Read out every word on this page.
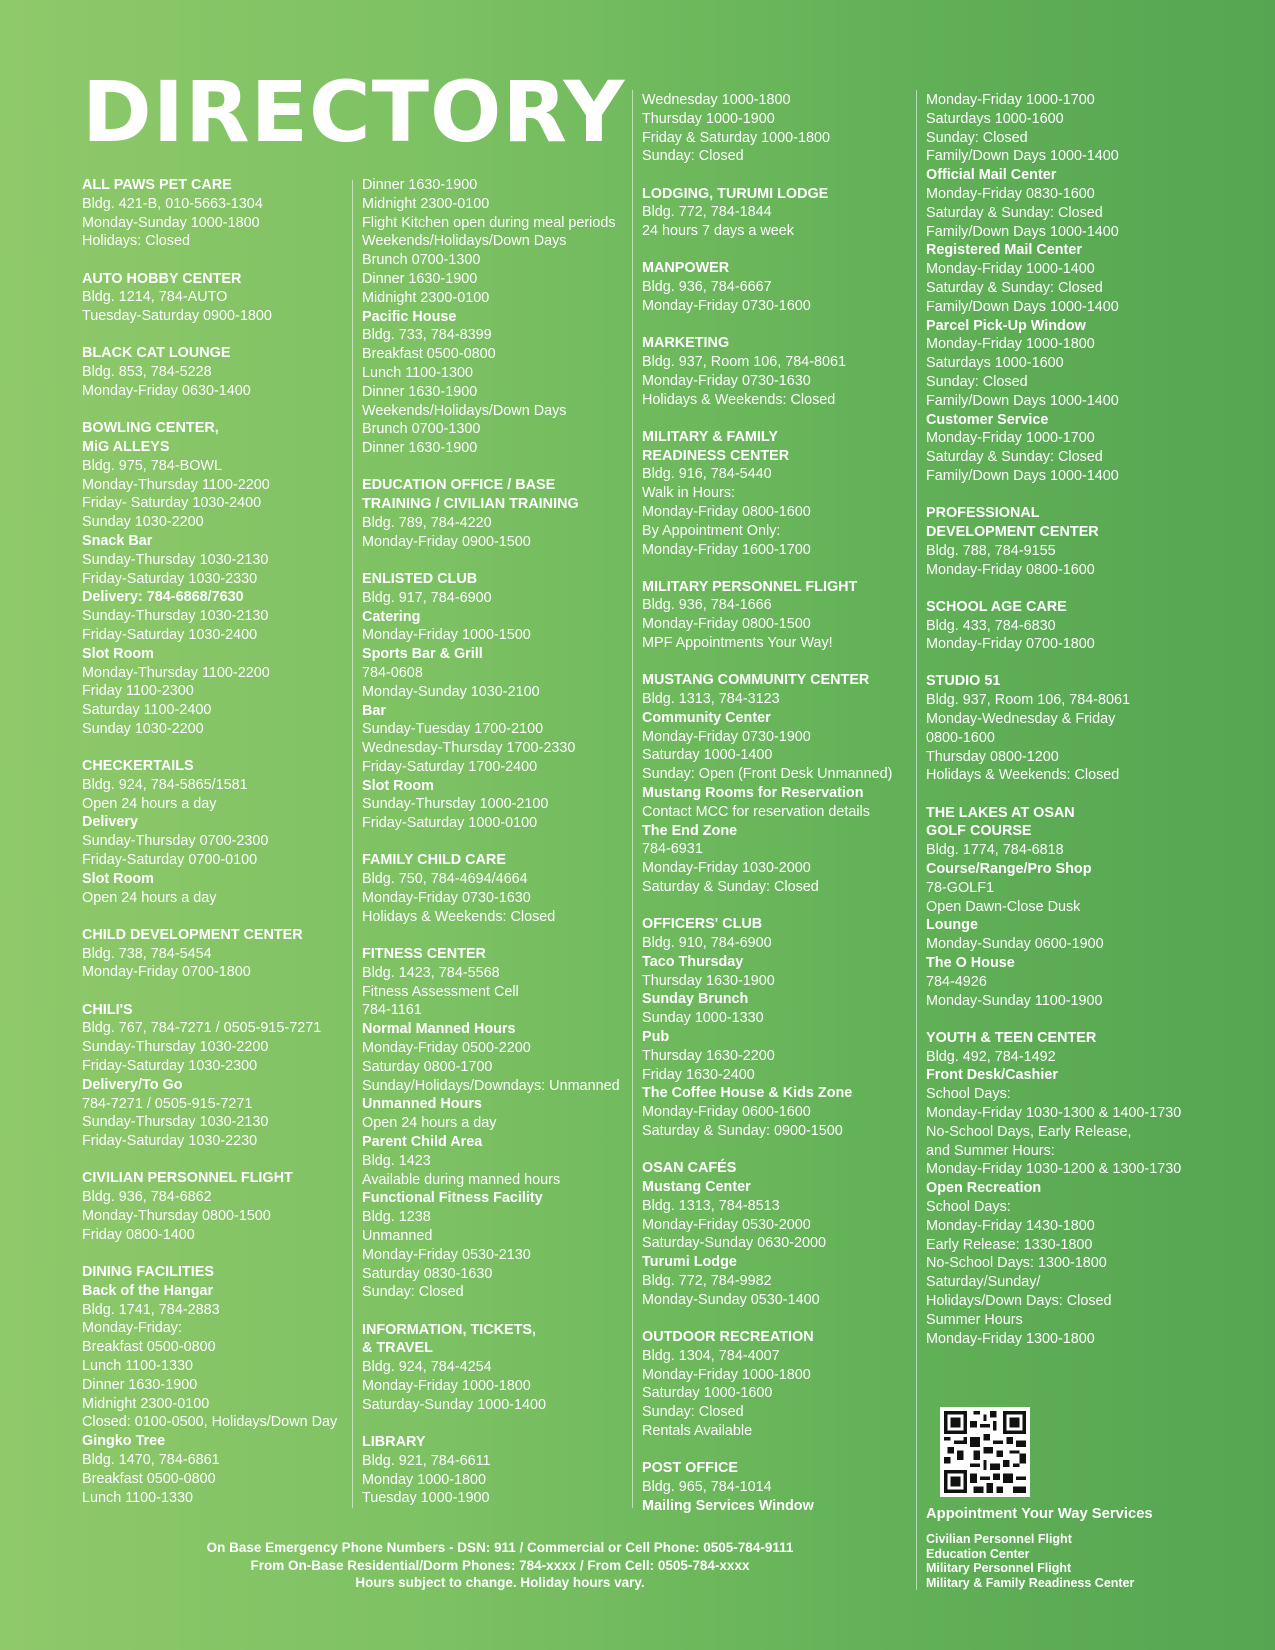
DIRECTORY
ALL PAWS PET CARE
Bldg. 421-B, 010-5663-1304
Monday-Sunday 1000-1800
Holidays: Closed
AUTO HOBBY CENTER
Bldg. 1214, 784-AUTO
Tuesday-Saturday 0900-1800
BLACK CAT LOUNGE
Bldg. 853, 784-5228
Monday-Friday 0630-1400
BOWLING CENTER,
MiG ALLEYS
Bldg. 975, 784-BOWL
Monday-Thursday 1100-2200
Friday- Saturday 1030-2400
Sunday 1030-2200
Snack Bar
Sunday-Thursday 1030-2130
Friday-Saturday 1030-2330
Delivery: 784-6868/7630
Sunday-Thursday 1030-2130
Friday-Saturday 1030-2400
Slot Room
Monday-Thursday 1100-2200
Friday 1100-2300
Saturday 1100-2400
Sunday 1030-2200
CHECKERTAILS
Bldg. 924, 784-5865/1581
Open 24 hours a day
Delivery
Sunday-Thursday 0700-2300
Friday-Saturday 0700-0100
Slot Room
Open 24 hours a day
CHILD DEVELOPMENT CENTER
Bldg. 738, 784-5454
Monday-Friday 0700-1800
CHILI'S
Bldg. 767, 784-7271 / 0505-915-7271
Sunday-Thursday 1030-2200
Friday-Saturday 1030-2300
Delivery/To Go
784-7271 / 0505-915-7271
Sunday-Thursday 1030-2130
Friday-Saturday 1030-2230
CIVILIAN PERSONNEL FLIGHT
Bldg. 936, 784-6862
Monday-Thursday 0800-1500
Friday 0800-1400
DINING FACILITIES
Back of the Hangar
Bldg. 1741, 784-2883
Monday-Friday:
Breakfast 0500-0800
Lunch 1100-1330
Dinner 1630-1900
Midnight 2300-0100
Closed: 0100-0500, Holidays/Down Day
Gingko Tree
Bldg. 1470, 784-6861
Breakfast 0500-0800
Lunch 1100-1330
Dinner 1630-1900
Midnight 2300-0100
Flight Kitchen open during meal periods
Weekends/Holidays/Down Days
Brunch 0700-1300
Dinner 1630-1900
Midnight 2300-0100
Pacific House
Bldg. 733, 784-8399
Breakfast 0500-0800
Lunch 1100-1300
Dinner 1630-1900
Weekends/Holidays/Down Days
Brunch 0700-1300
Dinner 1630-1900
EDUCATION OFFICE / BASE
TRAINING / CIVILIAN TRAINING
Bldg. 789, 784-4220
Monday-Friday 0900-1500
ENLISTED CLUB
Bldg. 917, 784-6900
Catering
Monday-Friday 1000-1500
Sports Bar & Grill
784-0608
Monday-Sunday 1030-2100
Bar
Sunday-Tuesday 1700-2100
Wednesday-Thursday 1700-2330
Friday-Saturday 1700-2400
Slot Room
Sunday-Thursday 1000-2100
Friday-Saturday 1000-0100
FAMILY CHILD CARE
Bldg. 750, 784-4694/4664
Monday-Friday 0730-1630
Holidays & Weekends: Closed
FITNESS CENTER
Bldg. 1423, 784-5568
Fitness Assessment Cell
784-1161
Normal Manned Hours
Monday-Friday 0500-2200
Saturday 0800-1700
Sunday/Holidays/Downdays: Unmanned
Unmanned Hours
Open 24 hours a day
Parent Child Area
Bldg. 1423
Available during manned hours
Functional Fitness Facility
Bldg. 1238
Unmanned
Monday-Friday 0530-2130
Saturday 0830-1630
Sunday: Closed
INFORMATION, TICKETS,
& TRAVEL
Bldg. 924, 784-4254
Monday-Friday 1000-1800
Saturday-Sunday 1000-1400
LIBRARY
Bldg. 921, 784-6611
Monday 1000-1800
Tuesday 1000-1900
Wednesday 1000-1800
Thursday 1000-1900
Friday & Saturday 1000-1800
Sunday: Closed
LODGING, TURUMI LODGE
Bldg. 772, 784-1844
24 hours 7 days a week
MANPOWER
Bldg. 936, 784-6667
Monday-Friday 0730-1600
MARKETING
Bldg. 937, Room 106, 784-8061
Monday-Friday 0730-1630
Holidays & Weekends: Closed
MILITARY & FAMILY
READINESS CENTER
Bldg. 916, 784-5440
Walk in Hours:
Monday-Friday 0800-1600
By Appointment Only:
Monday-Friday 1600-1700
MILITARY PERSONNEL FLIGHT
Bldg. 936, 784-1666
Monday-Friday 0800-1500
MPF Appointments Your Way!
MUSTANG COMMUNITY CENTER
Bldg. 1313, 784-3123
Community Center
Monday-Friday 0730-1900
Saturday 1000-1400
Sunday: Open (Front Desk Unmanned)
Mustang Rooms for Reservation
Contact MCC for reservation details
The End Zone
784-6931
Monday-Friday 1030-2000
Saturday & Sunday: Closed
OFFICERS' CLUB
Bldg. 910, 784-6900
Taco Thursday
Thursday 1630-1900
Sunday Brunch
Sunday 1000-1330
Pub
Thursday 1630-2200
Friday 1630-2400
The Coffee House & Kids Zone
Monday-Friday 0600-1600
Saturday & Sunday: 0900-1500
OSAN CAFÉS
Mustang Center
Bldg. 1313, 784-8513
Monday-Friday 0530-2000
Saturday-Sunday 0630-2000
Turumi Lodge
Bldg. 772, 784-9982
Monday-Sunday 0530-1400
OUTDOOR RECREATION
Bldg. 1304, 784-4007
Monday-Friday 1000-1800
Saturday 1000-1600
Sunday: Closed
Rentals Available
POST OFFICE
Bldg. 965, 784-1014
Mailing Services Window
Monday-Friday 1000-1700
Saturdays 1000-1600
Sunday: Closed
Family/Down Days 1000-1400
Official Mail Center
Monday-Friday 0830-1600
Saturday & Sunday: Closed
Family/Down Days 1000-1400
Registered Mail Center
Monday-Friday 1000-1400
Saturday & Sunday: Closed
Family/Down Days 1000-1400
Parcel Pick-Up Window
Monday-Friday 1000-1800
Saturdays 1000-1600
Sunday: Closed
Family/Down Days 1000-1400
Customer Service
Monday-Friday 1000-1700
Saturday & Sunday: Closed
Family/Down Days 1000-1400
PROFESSIONAL
DEVELOPMENT CENTER
Bldg. 788, 784-9155
Monday-Friday 0800-1600
SCHOOL AGE CARE
Bldg. 433, 784-6830
Monday-Friday 0700-1800
STUDIO 51
Bldg. 937, Room 106, 784-8061
Monday-Wednesday & Friday
0800-1600
Thursday 0800-1200
Holidays & Weekends: Closed
THE LAKES AT OSAN
GOLF COURSE
Bldg. 1774, 784-6818
Course/Range/Pro Shop
78-GOLF1
Open Dawn-Close Dusk
Lounge
Monday-Sunday 0600-1900
The O House
784-4926
Monday-Sunday 1100-1900
YOUTH & TEEN CENTER
Bldg. 492, 784-1492
Front Desk/Cashier
School Days:
Monday-Friday 1030-1300 & 1400-1730
No-School Days, Early Release,
and Summer Hours:
Monday-Friday 1030-1200 & 1300-1730
Open Recreation
School Days:
Monday-Friday 1430-1800
Early Release: 1330-1800
No-School Days: 1300-1800
Saturday/Sunday/
Holidays/Down Days: Closed
Summer Hours
Monday-Friday 1300-1800
On Base Emergency Phone Numbers - DSN: 911 / Commercial or Cell Phone: 0505-784-9111
From On-Base Residential/Dorm Phones: 784-xxxx / From Cell: 0505-784-xxxx
Hours subject to change. Holiday hours vary.
Appointment Your Way Services
Civilian Personnel Flight
Education Center
Military Personnel Flight
Military & Family Readiness Center
